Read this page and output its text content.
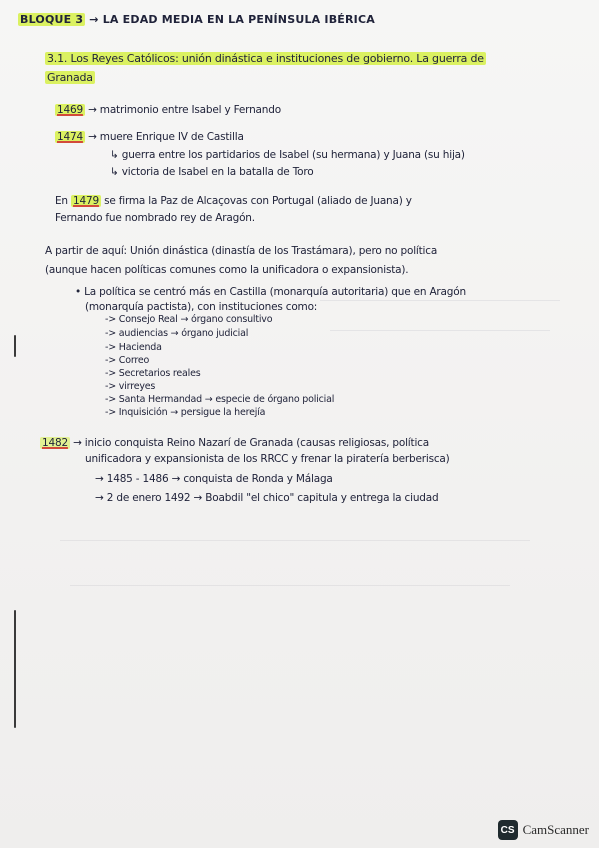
BLOQUE 3 → LA EDAD MEDIA EN LA PENÍNSULA IBÉRICA
3.1. Los Reyes Católicos: unión dinástica e instituciones de gobierno. La guerra de
Granada
1469 → matrimonio entre Isabel y Fernando
1474 → muere Enrique IV de Castilla
↳ guerra entre los partidarios de Isabel (su hermana) y Juana (su hija)
↳ victoria de Isabel en la batalla de Toro
En 1479 se firma la Paz de Alcaçovas con Portugal (aliado de Juana) y
Fernando fue nombrado rey de Aragón.
A partir de aquí: Unión dinástica (dinastía de los Trastámara), pero no política
(aunque hacen políticas comunes como la unificadora o expansionista).
• La política se centró más en Castilla (monarquía autoritaria) que en Aragón
(monarquía pactista), con instituciones como:
-> Consejo Real → órgano consultivo
-> audiencias → órgano judicial
-> Hacienda
-> Correo
-> Secretarios reales
-> virreyes
-> Santa Hermandad → especie de órgano policial
-> Inquisición → persigue la herejía
1482 → inicio conquista Reino Nazarí de Granada (causas religiosas, política
unificadora y expansionista de los RRCC y frenar la piratería berberisca)
→ 1485 - 1486 → conquista de Ronda y Málaga
→ 2 de enero 1492 → Boabdil "el chico" capitula y entrega la ciudad
CS CamScanner
